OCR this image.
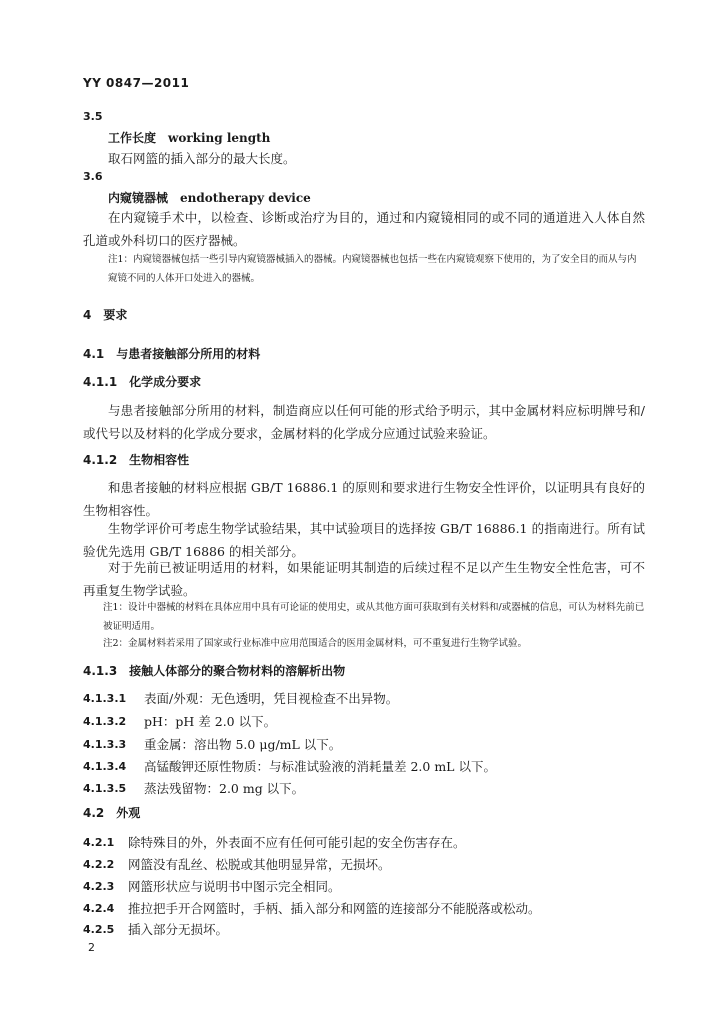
YY 0847—2011
3.5
工作长度　working length
取石网篮的插入部分的最大长度。
3.6
内窥镜器械　endotherapy device
在内窥镜手术中，以检查、诊断或治疗为目的，通过和内窥镜相同的或不同的通道进入人体自然孔道或外科切口的医疗器械。
注1：内窥镜器械包括一些引导内窥镜器械插入的器械。内窥镜器械也包括一些在内窥镜观察下使用的，为了安全目的而从与内窥镜不同的人体开口处进入的器械。
4　要求
4.1　与患者接触部分所用的材料
4.1.1　化学成分要求
与患者接触部分所用的材料，制造商应以任何可能的形式给予明示，其中金属材料应标明牌号和/或代号以及材料的化学成分要求，金属材料的化学成分应通过试验来验证。
4.1.2　生物相容性
和患者接触的材料应根据 GB/T 16886.1 的原则和要求进行生物安全性评价，以证明具有良好的生物相容性。
生物学评价可考虑生物学试验结果，其中试验项目的选择按 GB/T 16886.1 的指南进行。所有试验优先选用 GB/T 16886 的相关部分。
对于先前已被证明适用的材料，如果能证明其制造的后续过程不足以产生生物安全性危害，可不再重复生物学试验。
注1：设计中器械的材料在具体应用中具有可论证的使用史，或从其他方面可获取到有关材料和/或器械的信息，可认为材料先前已被证明适用。
注2：金属材料若采用了国家或行业标准中应用范围适合的医用金属材料，可不重复进行生物学试验。
4.1.3　接触人体部分的聚合物材料的溶解析出物
4.1.3.1 表面/外观：无色透明，凭目视检查不出异物。
4.1.3.2 pH：pH 差 2.0 以下。
4.1.3.3 重金属：溶出物 5.0 μg/mL 以下。
4.1.3.4 高锰酸钾还原性物质：与标准试验液的消耗量差 2.0 mL 以下。
4.1.3.5 蒸法残留物：2.0 mg 以下。
4.2　外观
4.2.1 除特殊目的外，外表面不应有任何可能引起的安全伤害存在。
4.2.2 网篮没有乱丝、松脱或其他明显异常，无损坏。
4.2.3 网篮形状应与说明书中图示完全相同。
4.2.4 推拉把手开合网篮时，手柄、插入部分和网篮的连接部分不能脱落或松动。
4.2.5 插入部分无损坏。
2
